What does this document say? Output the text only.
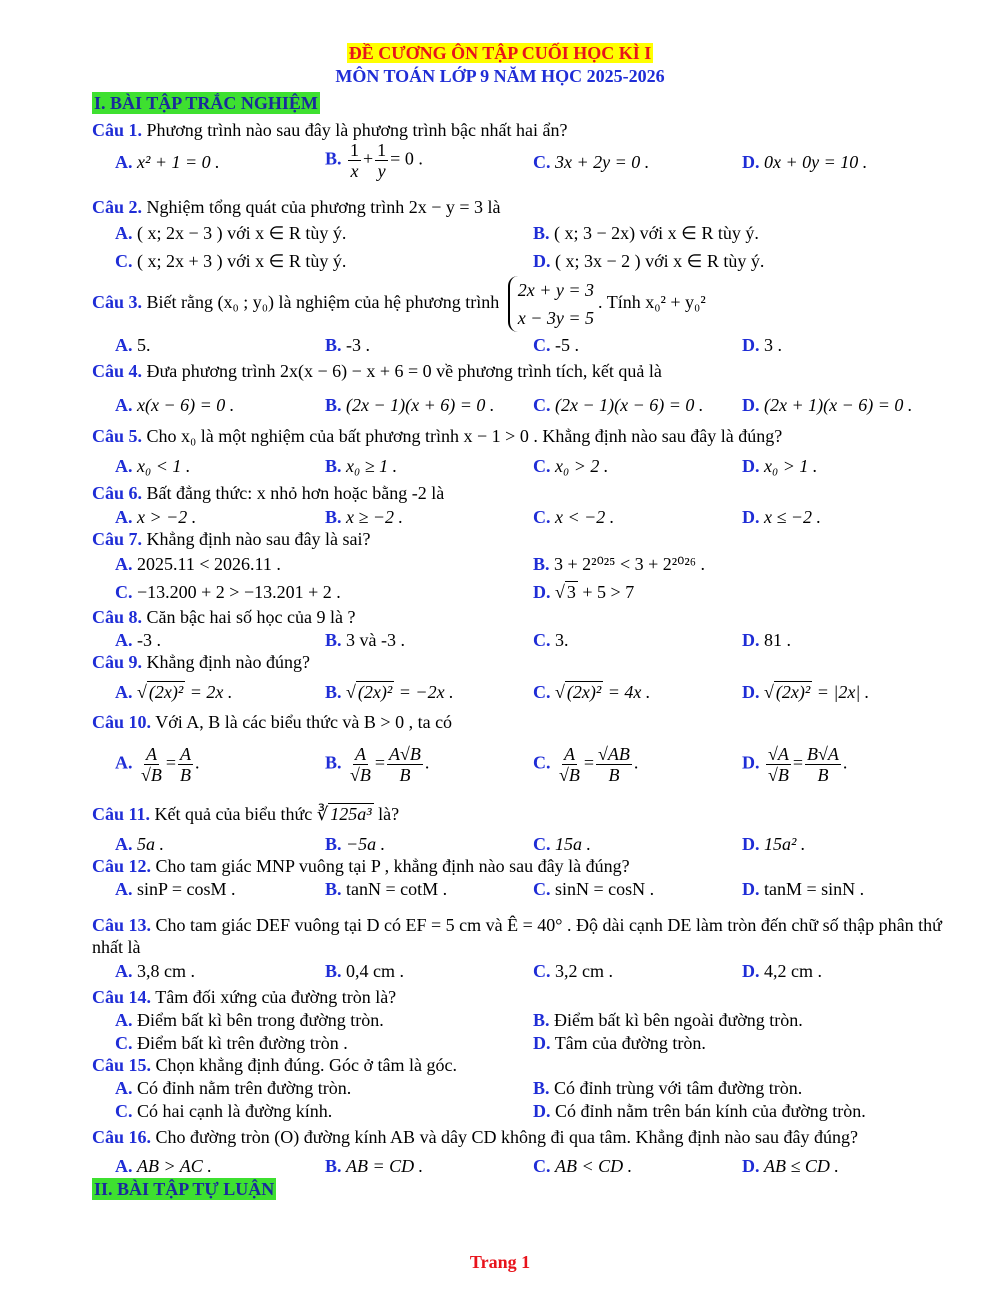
ĐỀ CƯƠNG ÔN TẬP CUỐI HỌC KÌ I
MÔN TOÁN LỚP 9 NĂM HỌC 2025-2026
I. BÀI TẬP TRẮC NGHIỆM
Câu 1. Phương trình nào sau đây là phương trình bậc nhất hai ẩn?
A. x² + 1 = 0 .	B. $\frac{1}{x} + \frac{1}{y} = 0$ .	C. 3x + 2y = 0 .	D. 0x + 0y = 10 .
Câu 2. Nghiệm tổng quát của phương trình 2x − y = 3 là
A. ( x; 2x − 3 ) với x ∈ R tùy ý.	B. ( x; 3 − 2x) với x ∈ R tùy ý.
C. ( x; 2x + 3 ) với x ∈ R tùy ý.	D. ( x; 3x − 2 ) với x ∈ R tùy ý.
Câu 3. Biết rằng (x₀ ; y₀) là nghiệm của hệ phương trình
2x + y = 3
x − 3y = 5
. Tính x₀² + y₀²
A. 5.	B. -3 .	C. -5 .	D. 3 .
Câu 4. Đưa phương trình 2x(x − 6) − x + 6 = 0 về phương trình tích, kết quả là
A. x(x − 6) = 0 .	B. (2x − 1)(x + 6) = 0 . C. (2x − 1)(x − 6) = 0 . D. (2x + 1)(x − 6) = 0 .
Câu 5. Cho x₀ là một nghiệm của bất phương trình x − 1 > 0 . Khẳng định nào sau đây là đúng?
A. x₀ < 1 .	B. x₀ ≥ 1 .	C. x₀ > 2 .	D. x₀ > 1 .
Câu 6. Bất đẳng thức: x nhỏ hơn hoặc bằng -2 là
A. x > −2 .	B. x ≥ −2 .	C. x < −2 .	D. x ≤ −2 .
Câu 7. Khẳng định nào sau đây là sai?
A. 2025.11 < 2026.11 .	B. 3 + 2²⁰²⁵ < 3 + 2²⁰²⁶ .
C. −13.200 + 2 > −13.201 + 2 .	D. √ 3 + 5 > 7
Câu 8. Căn bậc hai số học của 9 là ?
A. -3 .	B. 3 và -3 .	C. 3.	D. 81 .
Câu 9. Khẳng định nào đúng?
A. √ (2x)² = 2x .	B. √ (2x)² = −2x .	C. √ (2x)² = 4x .	D. √ (2x)² = |2x| .
Câu 10. Với A, B là các biểu thức và B > 0 , ta có
A. $\frac{A}{√B} = \frac{A}{B}$ .	B. $\frac{A}{√B} = \frac{A√B}{B}$ .	C. $\frac{A}{√B} = \frac{√AB}{B}$ .	D. $\frac{√A}{√B} = \frac{B√A}{B}$ .
Câu 11. Kết quả của biểu thức ∛ 125a³ là?
A. 5a .	B. −5a .	C. 15a .	D. 15a² .
Câu 12. Cho tam giác MNP vuông tại P , khẳng định nào sau đây là đúng?
A. sinP = cosM .	B. tanN = cotM .	C. sinN = cosN .	D. tanM = sinN .
Câu 13. Cho tam giác DEF vuông tại D có EF = 5 cm và Ê = 40° . Độ dài cạnh DE làm tròn đến chữ số thập phân thứ nhất là
A. 3,8 cm .	B. 0,4 cm .	C. 3,2 cm .	D. 4,2 cm .
Câu 14. Tâm đối xứng của đường tròn là?
A. Điểm bất kì bên trong đường tròn.	B. Điểm bất kì bên ngoài đường tròn.
C. Điểm bất kì trên đường tròn .	D. Tâm của đường tròn.
Câu 15. Chọn khẳng định đúng. Góc ở tâm là góc.
A. Có đỉnh nằm trên đường tròn.	B. Có đỉnh trùng với tâm đường tròn.
C. Có hai cạnh là đường kính.	D. Có đỉnh nằm trên bán kính của đường tròn.
Câu 16. Cho đường tròn (O) đường kính AB và dây CD không đi qua tâm. Khẳng định nào sau đây đúng?
A. AB > AC .	B. AB = CD .	C. AB < CD .	D. AB ≤ CD .
II. BÀI TẬP TỰ LUẬN
Trang 1
